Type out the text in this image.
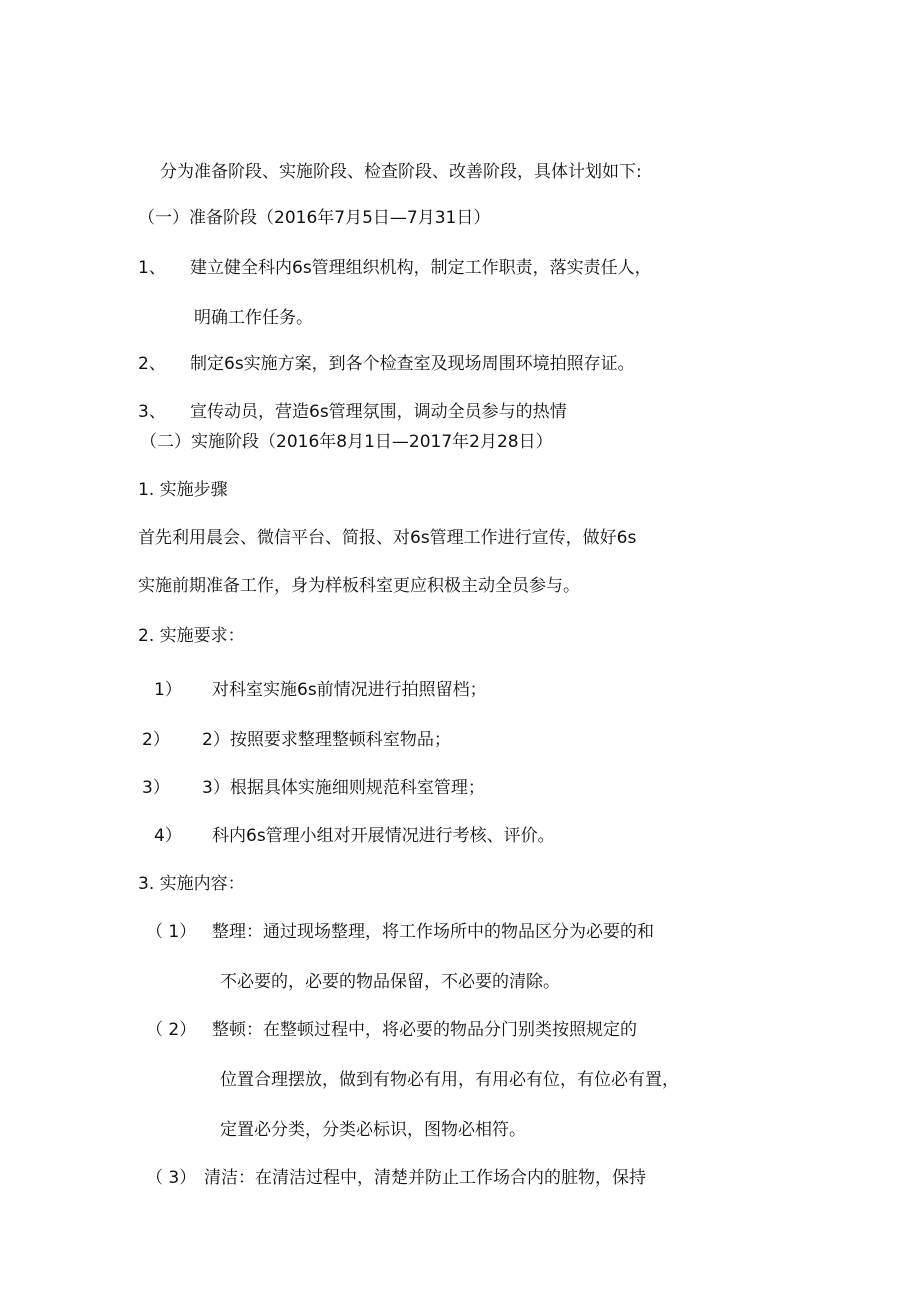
分为准备阶段、实施阶段、检查阶段、改善阶段，具体计划如下:
（一）准备阶段（2016年7月5日—7月31日）
1、 建立健全科内6s管理组织机构，制定工作职责，落实责任人，
明确工作任务。
2、 制定6s实施方案，到各个检查室及现场周围环境拍照存证。
3、 宣传动员，营造6s管理氛围，调动全员参与的热情
（二）实施阶段（2016年8月1日—2017年2月28日）
1. 实施步骤
首先利用晨会、微信平台、简报、对6s管理工作进行宣传，做好6s
实施前期准备工作，身为样板科室更应积极主动全员参与。
2. 实施要求：
1） 对科室实施6s前情况进行拍照留档；
2） 2）按照要求整理整顿科室物品；
3） 3）根据具体实施细则规范科室管理；
4） 科内6s管理小组对开展情况进行考核、评价。
3. 实施内容：
（ 1） 整理：通过现场整理，将工作场所中的物品区分为必要的和
不必要的，必要的物品保留，不必要的清除。
（ 2） 整顿：在整顿过程中，将必要的物品分门别类按照规定的
位置合理摆放，做到有物必有用，有用必有位，有位必有置，
定置必分类，分类必标识，图物必相符。
（ 3） 清洁：在清洁过程中，清楚并防止工作场合内的脏物，保持
